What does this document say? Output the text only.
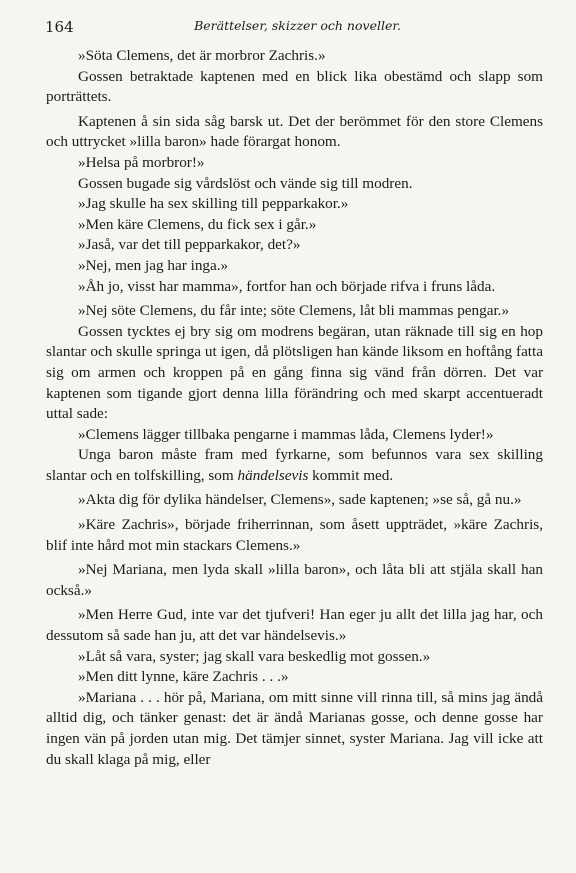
164	Berättelser, skizzer och noveller.

»Söta Clemens, det är morbror Zachris.»

Gossen betraktade kaptenen med en blick lika obestämd och slapp som porträttets.

Kaptenen å sin sida såg barsk ut. Det der berömmet för den store Clemens och uttrycket »lilla baron» hade förargat honom.

»Helsa på morbror!»

Gossen bugade sig vårdslöst och vände sig till modren.

»Jag skulle ha sex skilling till pepparkakor.»

»Men käre Clemens, du fick sex i går.»

»Jaså, var det till pepparkakor, det?»

»Nej, men jag har inga.»

»Åh jo, visst har mamma», fortfor han och började rifva i fruns låda.

»Nej söte Clemens, du får inte; söte Clemens, låt bli mammas pengar.»

Gossen tycktes ej bry sig om modrens begäran, utan räknade till sig en hop slantar och skulle springa ut igen, då plötsligen han kände liksom en hoftång fatta sig om armen och kroppen på en gång finna sig vänd från dörren. Det var kaptenen som tigande gjort denna lilla förändring och med skarpt accentueradt uttal sade:

»Clemens lägger tillbaka pengarne i mammas låda, Clemens lyder!»

Unga baron måste fram med fyrkarne, som befunnos vara sex skilling slantar och en tolfskilling, som händelsevis kommit med.

»Akta dig för dylika händelser, Clemens», sade kaptenen; »se så, gå nu.»

»Käre Zachris», började friherrinnan, som åsett uppträdet, »käre Zachris, blif inte hård mot min stackars Clemens.»

»Nej Mariana, men lyda skall »lilla baron», och låta bli att stjäla skall han också.»

»Men Herre Gud, inte var det tjufveri! Han eger ju allt det lilla jag har, och dessutom så sade han ju, att det var händelsevis.»

»Låt så vara, syster; jag skall vara beskedlig mot gossen.»

»Men ditt lynne, käre Zachris . . .»

»Mariana . . . hör på, Mariana, om mitt sinne vill rinna till, så mins jag ändå alltid dig, och tänker genast: det är ändå Marianas gosse, och denne gosse har ingen vän på jorden utan mig. Det tämjer sinnet, syster Mariana. Jag vill icke att du skall klaga på mig, eller
